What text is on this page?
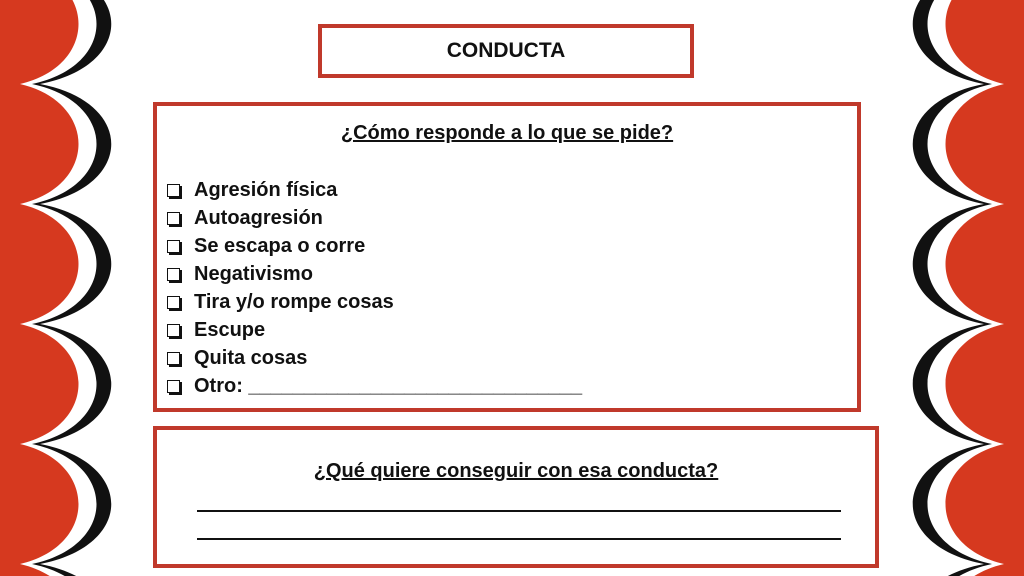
CONDUCTA
¿Cómo responde a lo que se pide?
Agresión física
Autoagresión
Se escapa o corre
Negativismo
Tira y/o rompe cosas
Escupe
Quita cosas
Otro: ______________________________
¿Qué quiere conseguir con esa conducta?
